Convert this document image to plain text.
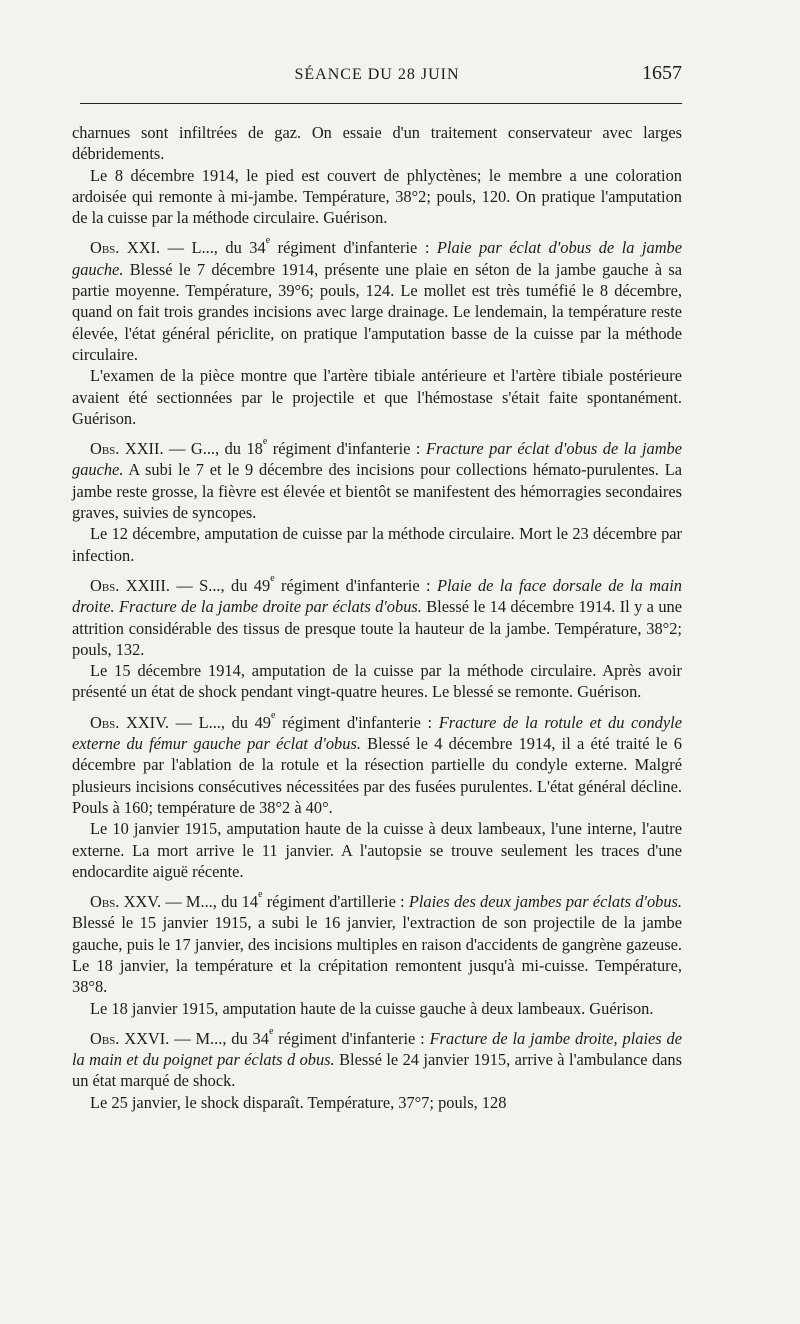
SÉANCE DU 28 JUIN	1657

charnues sont infiltrées de gaz. On essaie d'un traitement conservateur avec larges débridements.

Le 8 décembre 1914, le pied est couvert de phlyctènes; le membre a une coloration ardoisée qui remonte à mi-jambe. Température, 38°2; pouls, 120. On pratique l'amputation de la cuisse par la méthode circulaire. Guérison.

Obs. XXI. — L..., du 34e régiment d'infanterie : Plaie par éclat d'obus de la jambe gauche. Blessé le 7 décembre 1914, présente une plaie en séton de la jambe gauche à sa partie moyenne. Température, 39°6; pouls, 124. Le mollet est très tuméfié le 8 décembre, quand on fait trois grandes incisions avec large drainage. Le lendemain, la température reste élevée, l'état général périclite, on pratique l'amputation basse de la cuisse par la méthode circulaire.

L'examen de la pièce montre que l'artère tibiale antérieure et l'artère tibiale postérieure avaient été sectionnées par le projectile et que l'hémostase s'était faite spontanément. Guérison.

Obs. XXII. — G..., du 18e régiment d'infanterie : Fracture par éclat d'obus de la jambe gauche. A subi le 7 et le 9 décembre des incisions pour collections hémato-purulentes. La jambe reste grosse, la fièvre est élevée et bientôt se manifestent des hémorragies secondaires graves, suivies de syncopes.

Le 12 décembre, amputation de cuisse par la méthode circulaire. Mort le 23 décembre par infection.

Obs. XXIII. — S..., du 49e régiment d'infanterie : Plaie de la face dorsale de la main droite. Fracture de la jambe droite par éclats d'obus. Blessé le 14 décembre 1914. Il y a une attrition considérable des tissus de presque toute la hauteur de la jambe. Température, 38°2; pouls, 132.

Le 15 décembre 1914, amputation de la cuisse par la méthode circulaire. Après avoir présenté un état de shock pendant vingt-quatre heures. Le blessé se remonte. Guérison.

Obs. XXIV. — L..., du 49e régiment d'infanterie : Fracture de la rotule et du condyle externe du fémur gauche par éclat d'obus. Blessé le 4 décembre 1914, il a été traité le 6 décembre par l'ablation de la rotule et la résection partielle du condyle externe. Malgré plusieurs incisions consécutives nécessitées par des fusées purulentes. L'état général décline. Pouls à 160; température de 38°2 à 40°.

Le 10 janvier 1915, amputation haute de la cuisse à deux lambeaux, l'une interne, l'autre externe. La mort arrive le 11 janvier. A l'autopsie se trouve seulement les traces d'une endocardite aiguë récente.

Obs. XXV. — M..., du 14e régiment d'artillerie : Plaies des deux jambes par éclats d'obus. Blessé le 15 janvier 1915, a subi le 16 janvier, l'extraction de son projectile de la jambe gauche, puis le 17 janvier, des incisions multiples en raison d'accidents de gangrène gazeuse. Le 18 janvier, la température et la crépitation remontent jusqu'à mi-cuisse. Température, 38°8.

Le 18 janvier 1915, amputation haute de la cuisse gauche à deux lambeaux. Guérison.

Obs. XXVI. — M..., du 34e régiment d'infanterie : Fracture de la jambe droite, plaies de la main et du poignet par éclats d obus. Blessé le 24 janvier 1915, arrive à l'ambulance dans un état marqué de shock.

Le 25 janvier, le shock disparaît. Température, 37°7; pouls, 128
